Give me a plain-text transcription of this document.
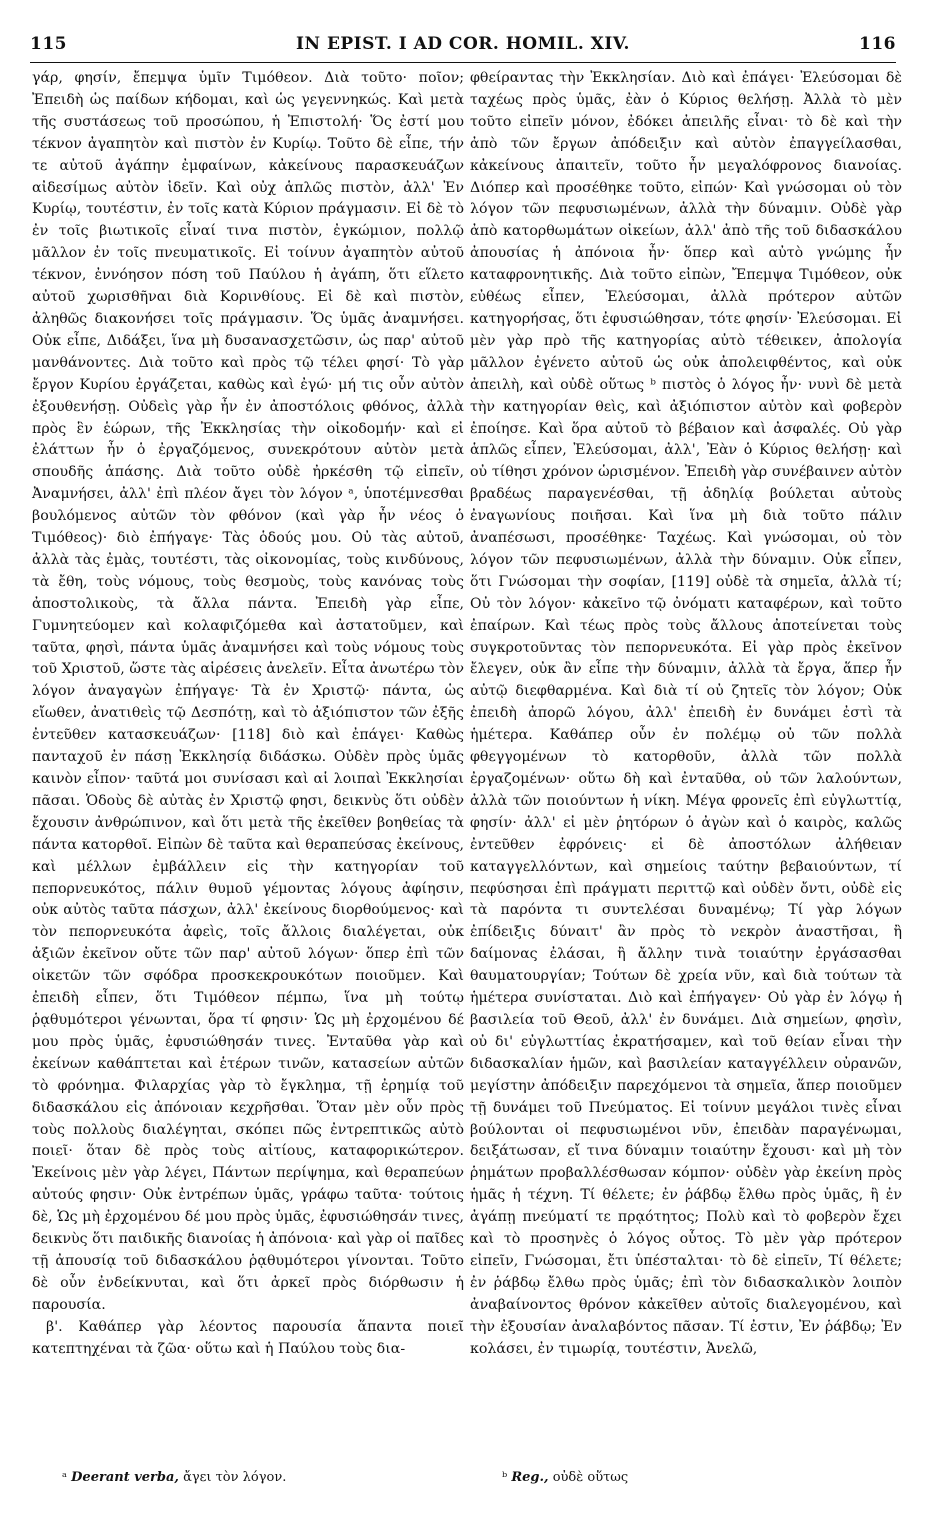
115	IN EPIST. I AD COR. HOMIL. XIV.	116

γάρ, φησίν, ἔπεμψα ὑμῖν Τιμόθεον. Διὰ τοῦτο· ποῖον; Ἐπειδὴ ὡς παίδων κήδομαι, καὶ ὡς γεγεννηκώς. Καὶ μετὰ τῆς συστάσεως τοῦ προσώπου, ἡ Ἐπιστολή· Ὅς ἐστί μου τέκνον ἀγαπητὸν καὶ πιστὸν ἐν Κυρίῳ. Τοῦτο δὲ εἶπε, τήν τε αὐτοῦ ἀγάπην ἐμφαίνων, κἀκείνους παρασκευάζων αἰδεσίμως αὐτὸν ἰδεῖν. Καὶ οὐχ ἁπλῶς πιστὸν, ἀλλ' Ἐν Κυρίῳ, τουτέστιν, ἐν τοῖς κατὰ Κύριον πράγμασιν. Εἰ δὲ τὸ ἐν τοῖς βιωτικοῖς εἶναί τινα πιστὸν, ἐγκώμιον, πολλῷ μᾶλλον ἐν τοῖς πνευματικοῖς. Εἰ τοίνυν ἀγαπητὸν αὐτοῦ τέκνον, ἐννόησον πόση τοῦ Παύλου ἡ ἀγάπη, ὅτι εἵλετο αὐτοῦ χωρισθῆναι διὰ Κορινθίους. Εἰ δὲ καὶ πιστὸν, ἀληθῶς διακονήσει τοῖς πράγμασιν. Ὅς ὑμᾶς ἀναμνήσει. Οὐκ εἶπε, Διδάξει, ἵνα μὴ δυσανασχετῶσιν, ὡς παρ' αὐτοῦ μανθάνοντες. Διὰ τοῦτο καὶ πρὸς τῷ τέλει φησί· Τὸ γὰρ ἔργον Κυρίου ἐργάζεται, καθὼς καὶ ἐγώ· μή τις οὖν αὐτὸν ἐξουθενήσῃ. Οὐδεὶς γὰρ ἦν ἐν ἀποστόλοις φθόνος, ἀλλὰ πρὸς ἓν ἑώρων, τῆς Ἐκκλησίας τὴν οἰκοδομήν· καὶ εἰ ἐλάττων ἦν ὁ ἐργαζόμενος, συνεκρότουν αὐτὸν μετὰ σπουδῆς ἁπάσης. Διὰ τοῦτο οὐδὲ ἠρκέσθη τῷ εἰπεῖν, Ἀναμνήσει, ἀλλ' ἐπὶ πλέον ἄγει τὸν λόγον ᵃ, ὑποτέμνεσθαι βουλόμενος αὐτῶν τὸν φθόνον (καὶ γὰρ ἦν νέος ὁ Τιμόθεος)· διὸ ἐπήγαγε· Τὰς ὁδούς μου. Οὐ τὰς αὐτοῦ, ἀλλὰ τὰς ἐμὰς, τουτέστι, τὰς οἰκονομίας, τοὺς κινδύνους, τὰ ἔθη, τοὺς νόμους, τοὺς θεσμοὺς, τοὺς κανόνας τοὺς ἀποστολικοὺς, τὰ ἄλλα πάντα. Ἐπειδὴ γὰρ εἶπε, Γυμνητεύομεν καὶ κολαφιζόμεθα καὶ ἀστατοῦμεν, καὶ ταῦτα, φησὶ, πάντα ὑμᾶς ἀναμνήσει καὶ τοὺς νόμους τοὺς τοῦ Χριστοῦ, ὥστε τὰς αἱρέσεις ἀνελεῖν. Εἶτα ἀνωτέρω τὸν λόγον ἀναγαγὼν ἐπήγαγε· Τὰ ἐν Χριστῷ· πάντα, ὡς εἴωθεν, ἀνατιθεὶς τῷ Δεσπότῃ, καὶ τὸ ἀξιόπιστον τῶν ἐξῆς ἐντεῦθεν κατασκευάζων· [118] διὸ καὶ ἐπάγει· Καθὼς πανταχοῦ ἐν πάσῃ Ἐκκλησίᾳ διδάσκω. Οὐδὲν πρὸς ὑμᾶς καινὸν εἶπον· ταῦτά μοι συνίσασι καὶ αἱ λοιπαὶ Ἐκκλησίαι πᾶσαι. Ὁδοὺς δὲ αὐτὰς ἐν Χριστῷ φησι, δεικνὺς ὅτι οὐδὲν ἔχουσιν ἀνθρώπινον, καὶ ὅτι μετὰ τῆς ἐκεῖθεν βοηθείας τὰ πάντα κατορθοῖ. Εἰπὼν δὲ ταῦτα καὶ θεραπεύσας ἐκείνους, καὶ μέλλων ἐμβάλλειν εἰς τὴν κατηγορίαν τοῦ πεπορνευκότος, πάλιν θυμοῦ γέμοντας λόγους ἀφίησιν, οὐκ αὐτὸς ταῦτα πάσχων, ἀλλ' ἐκείνους διορθούμενος· καὶ τὸν πεπορνευκότα ἀφεὶς, τοῖς ἄλλοις διαλέγεται, οὐκ ἀξιῶν ἐκεῖνον οὔτε τῶν παρ' αὐτοῦ λόγων· ὅπερ ἐπὶ τῶν οἰκετῶν τῶν σφόδρα προσκεκρουκότων ποιοῦμεν. Καὶ ἐπειδὴ εἶπεν, ὅτι Τιμόθεον πέμπω, ἵνα μὴ τούτῳ ῥᾳθυμότεροι γένωνται, ὅρα τί φησιν· Ὡς μὴ ἐρχομένου δέ μου πρὸς ὑμᾶς, ἐφυσιώθησάν τινες. Ἐνταῦθα γὰρ καὶ ἐκείνων καθάπτεται καὶ ἑτέρων τινῶν, κατασείων αὐτῶν τὸ φρόνημα. Φιλαρχίας γὰρ τὸ ἔγκλημα, τῇ ἐρημίᾳ τοῦ διδασκάλου εἰς ἀπόνοιαν κεχρῆσθαι. Ὅταν μὲν οὖν πρὸς τοὺς πολλοὺς διαλέγηται, σκόπει πῶς ἐντρεπτικῶς αὐτὸ ποιεῖ· ὅταν δὲ πρὸς τοὺς αἰτίους, καταφορικώτερον. Ἐκείνοις μὲν γὰρ λέγει, Πάντων περίψημα, καὶ θεραπεύων αὐτούς φησιν· Οὐκ ἐντρέπων ὑμᾶς, γράφω ταῦτα· τούτοις δὲ, Ὡς μὴ ἐρχομένου δέ μου πρὸς ὑμᾶς, ἐφυσιώθησάν τινες, δεικνὺς ὅτι παιδικῆς διανοίας ἡ ἀπόνοια· καὶ γὰρ οἱ παῖδες τῇ ἀπουσίᾳ τοῦ διδασκάλου ῥᾳθυμότεροι γίνονται. Τοῦτο δὲ οὖν ἐνδείκνυται, καὶ ὅτι ἀρκεῖ πρὸς διόρθωσιν ἡ παρουσία.

β'. Καθάπερ γὰρ λέοντος παρουσία ἅπαντα ποιεῖ κατεπτηχέναι τὰ ζῶα· οὕτω καὶ ἡ Παύλου τοὺς δια-

φθείραντας τὴν Ἐκκλησίαν. Διὸ καὶ ἐπάγει· Ἐλεύσομαι δὲ ταχέως πρὸς ὑμᾶς, ἐὰν ὁ Κύριος θελήσῃ. Ἀλλὰ τὸ μὲν τοῦτο εἰπεῖν μόνον, ἐδόκει ἀπειλῆς εἶναι· τὸ δὲ καὶ τὴν ἀπὸ τῶν ἔργων ἀπόδειξιν καὶ αὐτὸν ἐπαγγείλασθαι, κἀκείνους ἀπαιτεῖν, τοῦτο ἦν μεγαλόφρονος διανοίας. Διόπερ καὶ προσέθηκε τοῦτο, εἰπών· Καὶ γνώσομαι οὐ τὸν λόγον τῶν πεφυσιωμένων, ἀλλὰ τὴν δύναμιν. Οὐδὲ γὰρ ἀπὸ κατορθωμάτων οἰκείων, ἀλλ' ἀπὸ τῆς τοῦ διδασκάλου ἀπουσίας ἡ ἀπόνοια ἦν· ὅπερ καὶ αὐτὸ γνώμης ἦν καταφρονητικῆς. Διὰ τοῦτο εἰπὼν, Ἔπεμψα Τιμόθεον, οὐκ εὐθέως εἶπεν, Ἐλεύσομαι, ἀλλὰ πρότερον αὐτῶν κατηγορήσας, ὅτι ἐφυσιώθησαν, τότε φησίν· Ἐλεύσομαι. Εἰ μὲν γὰρ πρὸ τῆς κατηγορίας αὐτὸ τέθεικεν, ἀπολογία μᾶλλον ἐγένετο αὐτοῦ ὡς οὐκ ἀπολειφθέντος, καὶ οὐκ ἀπειλὴ, καὶ οὐδὲ οὕτως ᵇ πιστὸς ὁ λόγος ἦν· νυνὶ δὲ μετὰ τὴν κατηγορίαν θεὶς, καὶ ἀξιόπιστον αὐτὸν καὶ φοβερὸν ἐποίησε. Καὶ ὅρα αὐτοῦ τὸ βέβαιον καὶ ἀσφαλές. Οὐ γὰρ ἁπλῶς εἶπεν, Ἐλεύσομαι, ἀλλ', Ἐὰν ὁ Κύριος θελήσῃ· καὶ οὐ τίθησι χρόνον ὡρισμένον. Ἐπειδὴ γὰρ συνέβαινεν αὐτὸν βραδέως παραγενέσθαι, τῇ ἀδηλίᾳ βούλεται αὐτοὺς ἐναγωνίους ποιῆσαι. Καὶ ἵνα μὴ διὰ τοῦτο πάλιν ἀναπέσωσι, προσέθηκε· Ταχέως. Καὶ γνώσομαι, οὐ τὸν λόγον τῶν πεφυσιωμένων, ἀλλὰ τὴν δύναμιν. Οὐκ εἶπεν, ὅτι Γνώσομαι τὴν σοφίαν, [119] οὐδὲ τὰ σημεῖα, ἀλλὰ τί; Οὐ τὸν λόγον· κἀκεῖνο τῷ ὀνόματι καταφέρων, καὶ τοῦτο ἐπαίρων. Καὶ τέως πρὸς τοὺς ἄλλους ἀποτείνεται τοὺς συγκροτοῦντας τὸν πεπορνευκότα. Εἰ γὰρ πρὸς ἐκεῖνον ἔλεγεν, οὐκ ἂν εἶπε τὴν δύναμιν, ἀλλὰ τὰ ἔργα, ἅπερ ἦν αὐτῷ διεφθαρμένα. Καὶ διὰ τί οὐ ζητεῖς τὸν λόγον; Οὐκ ἐπειδὴ ἀπορῶ λόγου, ἀλλ' ἐπειδὴ ἐν δυνάμει ἐστὶ τὰ ἡμέτερα. Καθάπερ οὖν ἐν πολέμῳ οὐ τῶν πολλὰ φθεγγομένων τὸ κατορθοῦν, ἀλλὰ τῶν πολλὰ ἐργαζομένων· οὕτω δὴ καὶ ἐνταῦθα, οὐ τῶν λαλούντων, ἀλλὰ τῶν ποιούντων ἡ νίκη. Μέγα φρονεῖς ἐπὶ εὐγλωττίᾳ, φησίν· ἀλλ' εἰ μὲν ῥητόρων ὁ ἀγὼν καὶ ὁ καιρὸς, καλῶς ἐντεῦθεν ἐφρόνεις· εἰ δὲ ἀποστόλων ἀλήθειαν καταγγελλόντων, καὶ σημείοις ταύτην βεβαιούντων, τί πεφύσησαι ἐπὶ πράγματι περιττῷ καὶ οὐδὲν ὄντι, οὐδὲ εἰς τὰ παρόντα τι συντελέσαι δυναμένῳ; Τί γὰρ λόγων ἐπίδειξις δύναιτ' ἂν πρὸς τὸ νεκρὸν ἀναστῆσαι, ἢ δαίμονας ἐλάσαι, ἢ ἄλλην τινὰ τοιαύτην ἐργάσασθαι θαυματουργίαν; Τούτων δὲ χρεία νῦν, καὶ διὰ τούτων τὰ ἡμέτερα συνίσταται. Διὸ καὶ ἐπήγαγεν· Οὐ γὰρ ἐν λόγῳ ἡ βασιλεία τοῦ Θεοῦ, ἀλλ' ἐν δυνάμει. Διὰ σημείων, φησὶν, οὐ δι' εὐγλωττίας ἐκρατήσαμεν, καὶ τοῦ θείαν εἶναι τὴν διδασκαλίαν ἡμῶν, καὶ βασιλείαν καταγγέλλειν οὐρανῶν, μεγίστην ἀπόδειξιν παρεχόμενοι τὰ σημεῖα, ἅπερ ποιοῦμεν τῇ δυνάμει τοῦ Πνεύματος. Εἰ τοίνυν μεγάλοι τινὲς εἶναι βούλονται οἱ πεφυσιωμένοι νῦν, ἐπειδὰν παραγένωμαι, δειξάτωσαν, εἴ τινα δύναμιν τοιαύτην ἔχουσι· καὶ μὴ τὸν ῥημάτων προβαλλέσθωσαν κόμπον· οὐδὲν γὰρ ἐκείνη πρὸς ἡμᾶς ἡ τέχνη. Τί θέλετε; ἐν ῥάβδῳ ἔλθω πρὸς ὑμᾶς, ἢ ἐν ἀγάπῃ πνεύματί τε πρᾳότητος; Πολὺ καὶ τὸ φοβερὸν ἔχει καὶ τὸ προσηνὲς ὁ λόγος οὗτος. Τὸ μὲν γὰρ πρότερον εἰπεῖν, Γνώσομαι, ἔτι ὑπέσταλται· τὸ δὲ εἰπεῖν, Τί θέλετε; ἐν ῥάβδῳ ἔλθω πρὸς ὑμᾶς; ἐπὶ τὸν διδασκαλικὸν λοιπὸν ἀναβαίνοντος θρόνον κἀκεῖθεν αὐτοῖς διαλεγομένου, καὶ τὴν ἐξουσίαν ἀναλαβόντος πᾶσαν. Τί ἐστιν, Ἐν ῥάβδῳ; Ἐν κολάσει, ἐν τιμωρίᾳ, τουτέστιν, Ἀνελῶ,

ᵃ Deerant verba, ἄγει τὸν λόγον.	ᵇ Reg., οὐδὲ οὕτως
